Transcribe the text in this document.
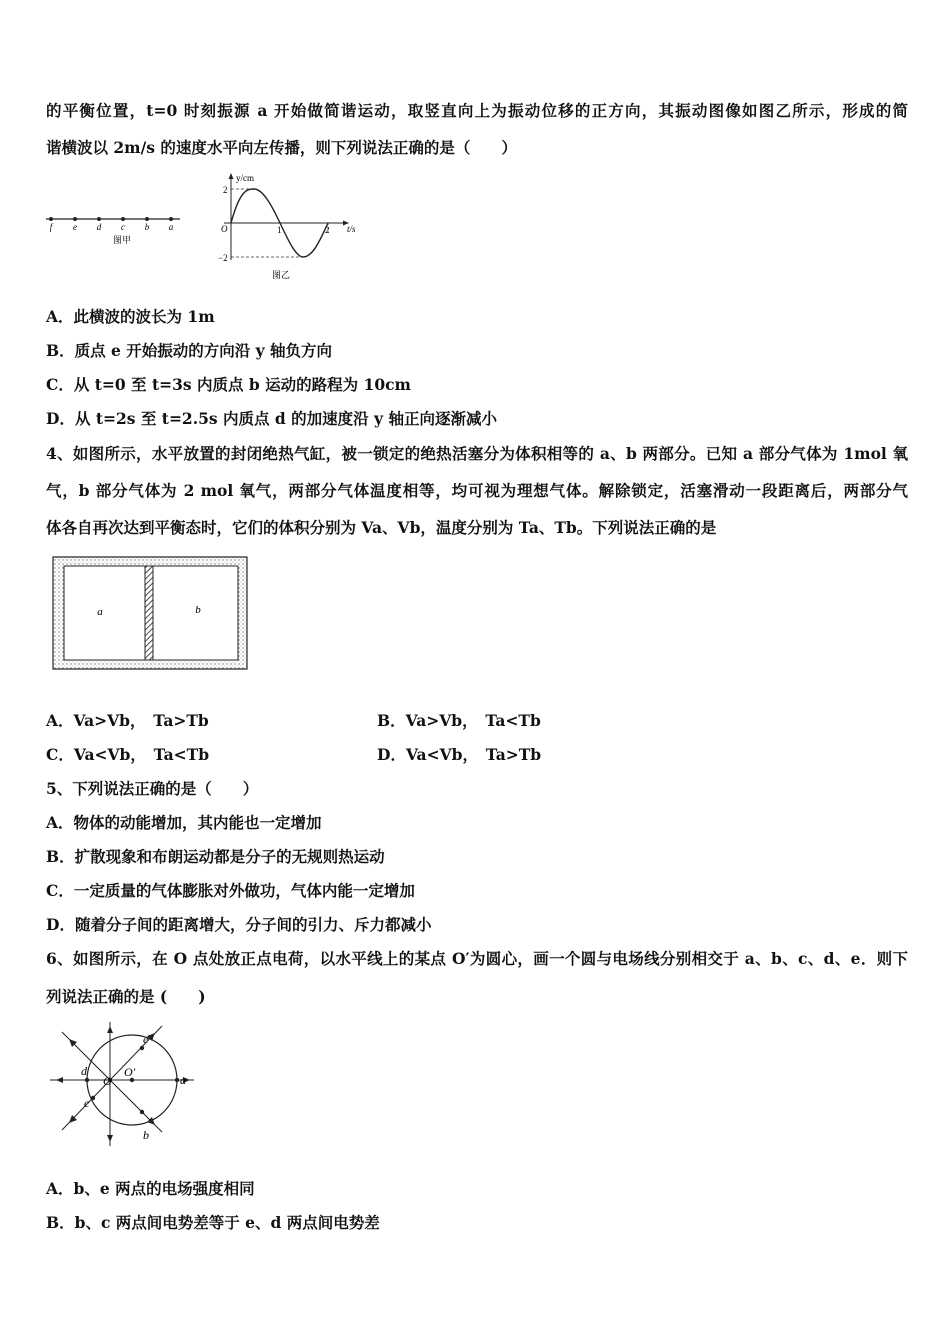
的平衡位置，t=0 时刻振源 a 开始做简谐运动，取竖直向上为振动位移的正方向，其振动图像如图乙所示，形成的简
谐横波以 2m/s 的速度水平向左传播，则下列说法正确的是（　　）
f e d c b a
图甲
y/cm
t/s
O
2
−2
1	2
图乙
A．此横波的波长为 1m
B．质点 e 开始振动的方向沿 y 轴负方向
C．从 t=0 至 t=3s 内质点 b 运动的路程为 10cm
D．从 t=2s 至 t=2.5s 内质点 d 的加速度沿 y 轴正向逐渐减小
4、如图所示，水平放置的封闭绝热气缸，被一锁定的绝热活塞分为体积相等的 a、b 两部分。已知 a 部分气体为 1mol 氧
气，b 部分气体为 2 mol 氧气，两部分气体温度相等，均可视为理想气体。解除锁定，活塞滑动一段距离后，两部分气
体各自再次达到平衡态时，它们的体积分别为 Va、Vb，温度分别为 Ta、Tb。下列说法正确的是
a	b
A．Va>Vb，　Ta>Tb	B．Va>Vb，　Ta<Tb
C．Va<Vb，　Ta<Tb	D．Va<Vb，　Ta>Tb
5、下列说法正确的是（　　）
A．物体的动能增加，其内能也一定增加
B．扩散现象和布朗运动都是分子的无规则热运动
C．一定质量的气体膨胀对外做功，气体内能一定增加
D．随着分子间的距离增大，分子间的引力、斥力都减小
6、如图所示，在 O 点处放正点电荷，以水平线上的某点 O′为圆心，画一个圆与电场线分别相交于 a、b、c、d、e．则下
列说法正确的是 (　　)
O
O′
a
b
c
d
e
A．b、e 两点的电场强度相同
B．b、c 两点间电势差等于 e、d 两点间电势差
